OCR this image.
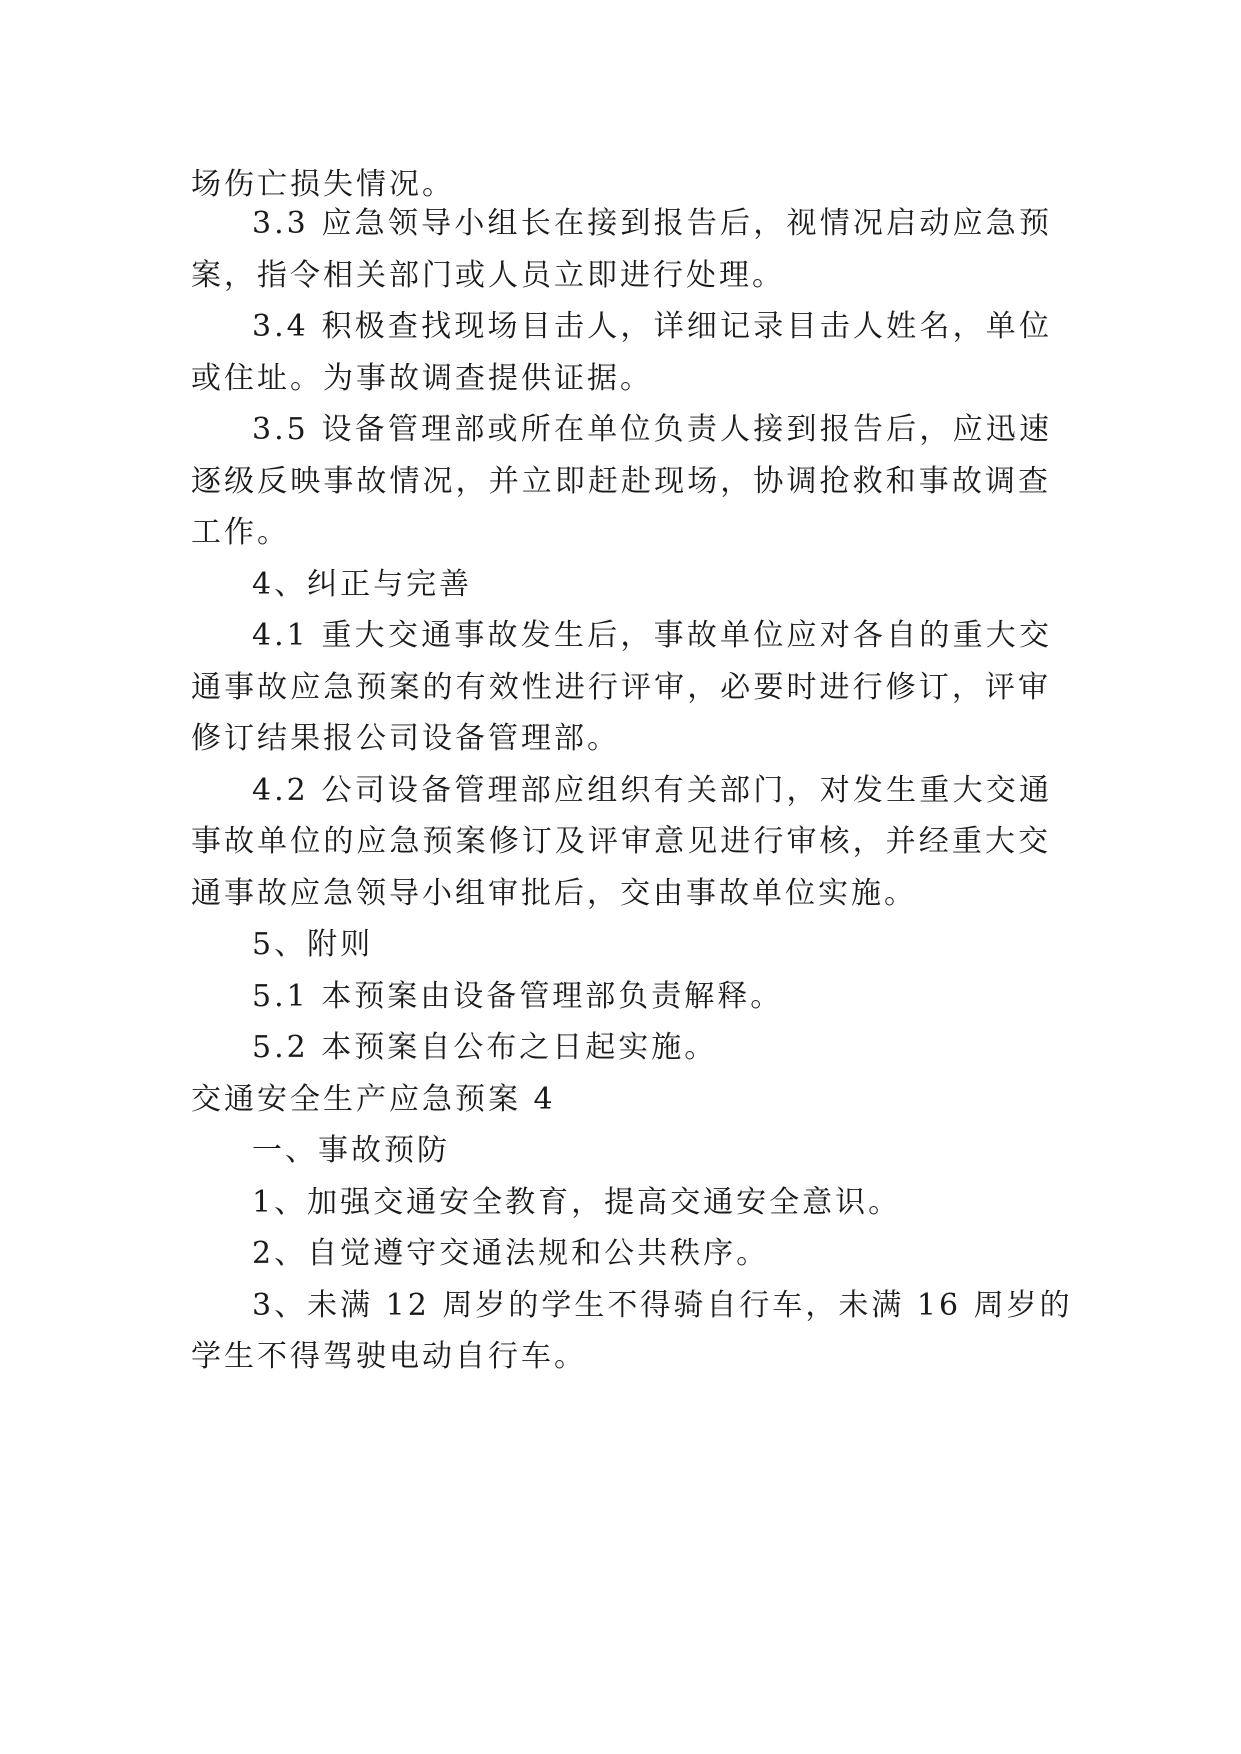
场伤亡损失情况。
3.3 应急领导小组长在接到报告后，视情况启动应急预
案，指令相关部门或人员立即进行处理。
3.4 积极查找现场目击人，详细记录目击人姓名，单位
或住址。为事故调查提供证据。
3.5 设备管理部或所在单位负责人接到报告后，应迅速
逐级反映事故情况，并立即赶赴现场，协调抢救和事故调查
工作。
4、纠正与完善
4.1 重大交通事故发生后，事故单位应对各自的重大交
通事故应急预案的有效性进行评审，必要时进行修订，评审
修订结果报公司设备管理部。
4.2 公司设备管理部应组织有关部门，对发生重大交通
事故单位的应急预案修订及评审意见进行审核，并经重大交
通事故应急领导小组审批后，交由事故单位实施。
5、附则
5.1 本预案由设备管理部负责解释。
5.2 本预案自公布之日起实施。
交通安全生产应急预案 4
一、事故预防
1、加强交通安全教育，提高交通安全意识。
2、自觉遵守交通法规和公共秩序。
3、未满 12 周岁的学生不得骑自行车，未满 16 周岁的
学生不得驾驶电动自行车。
